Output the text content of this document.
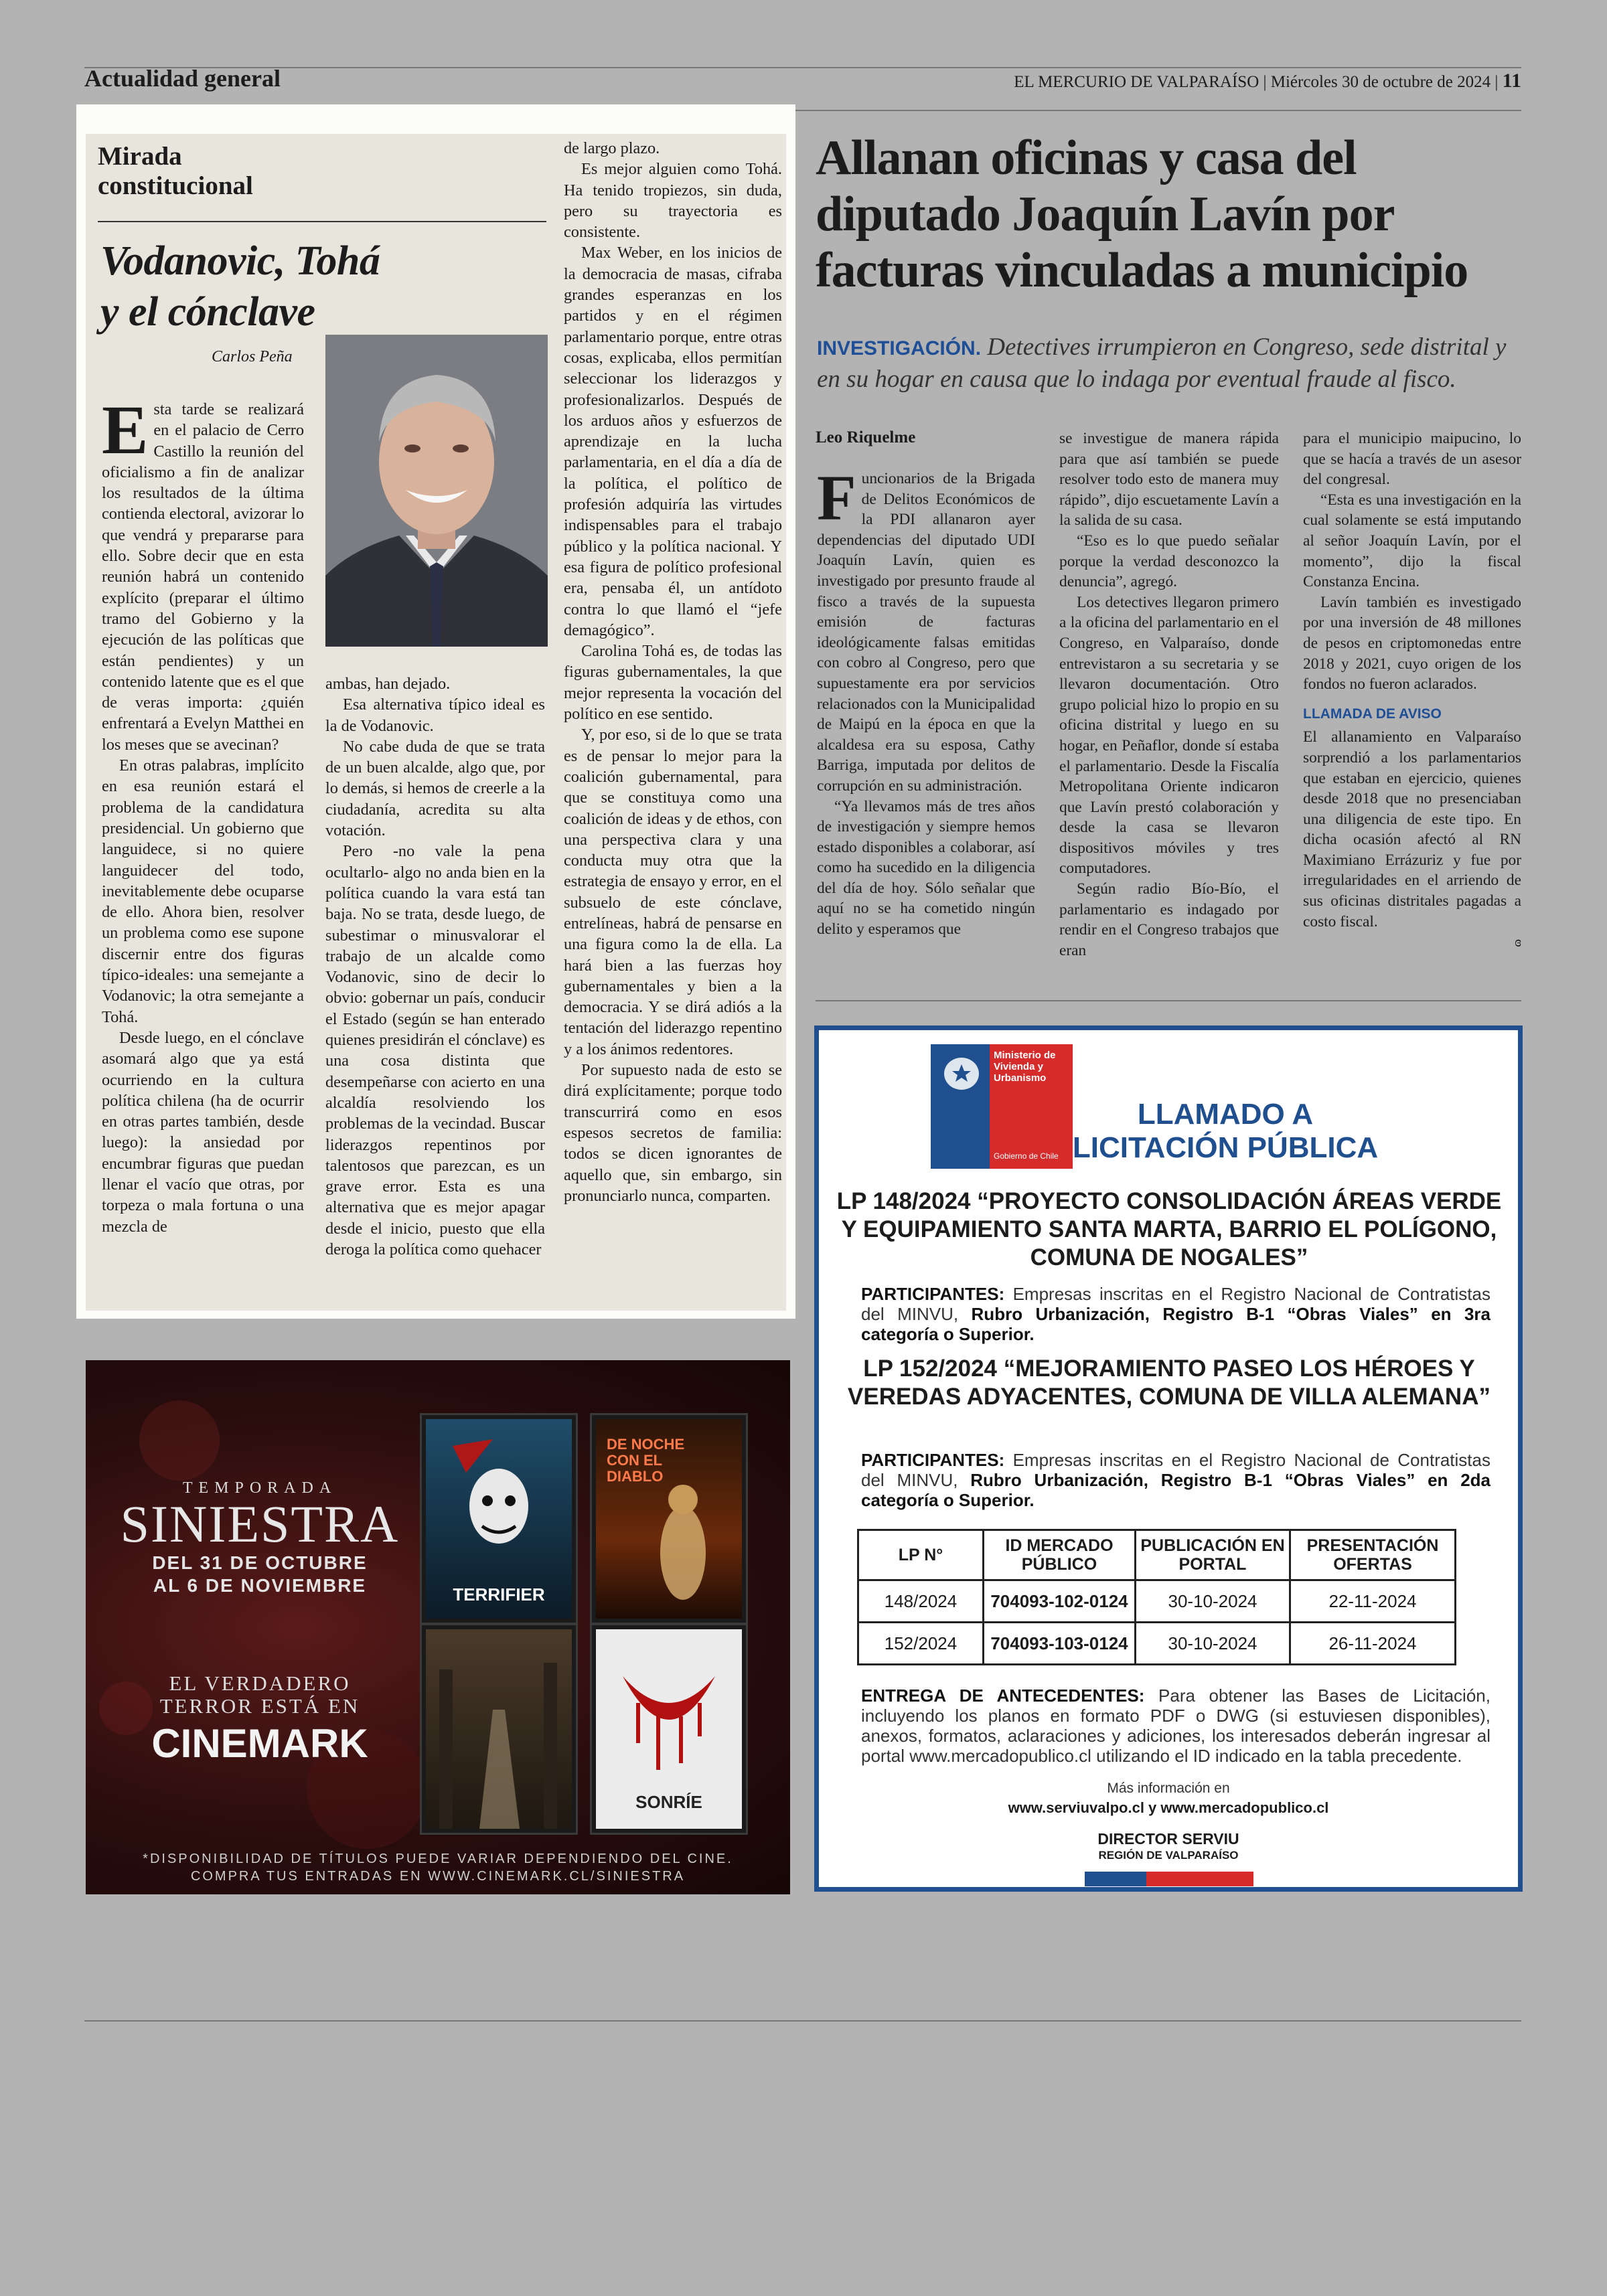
Actualidad general	EL MERCURIO DE VALPARAÍSO | Miércoles 30 de octubre de 2024 | 11
Mirada
constitucional
Vodanovic, Tohá
y el cónclave
Carlos Peña
E sta tarde se realizará en el palacio de Cerro Castillo la reunión del oficialismo a fin de analizar los resultados de la última contienda electoral, avizorar lo que vendrá y prepararse para ello. Sobre decir que en esta reunión habrá un contenido explícito (preparar el último tramo del Gobierno y la ejecución de las políticas que están pendientes) y un contenido latente que es el que de veras importa: ¿quién enfrentará a Evelyn Matthei en los meses que se avecinan?

En otras palabras, implícito en esa reunión estará el problema de la candidatura presidencial. Un gobierno que languidece, si no quiere languidecer del todo, inevitablemente debe ocuparse de ello. Ahora bien, resolver un problema como ese supone discernir entre dos figuras típico-ideales: una semejante a Vodanovic; la otra semejante a Tohá.

Desde luego, en el cónclave asomará algo que ya está ocurriendo en la cultura política chilena (ha de ocurrir en otras partes también, desde luego): la ansiedad por encumbrar figuras que puedan llenar el vacío que otras, por torpeza o mala fortuna o una mezcla de

ambas, han dejado.

Esa alternativa típico ideal es la de Vodanovic.

No cabe duda de que se trata de un buen alcalde, algo que, por lo demás, si hemos de creerle a la ciudadanía, acredita su alta votación.

Pero -no vale la pena ocultarlo- algo no anda bien en la política cuando la vara está tan baja. No se trata, desde luego, de subestimar o minusvalorar el trabajo de un alcalde como Vodanovic, sino de decir lo obvio: gobernar un país, conducir el Estado (según se han enterado quienes presidirán el cónclave) es una cosa distinta que desempeñarse con acierto en una alcaldía resolviendo los problemas de la vecindad. Buscar liderazgos repentinos por talentosos que parezcan, es un grave error. Esta es una alternativa que es mejor apagar desde el inicio, puesto que ella deroga la política como quehacer

de largo plazo.

Es mejor alguien como Tohá. Ha tenido tropiezos, sin duda, pero su trayectoria es consistente.

Max Weber, en los inicios de la democracia de masas, cifraba grandes esperanzas en los partidos y en el régimen parlamentario porque, entre otras cosas, explicaba, ellos permitían seleccionar los liderazgos y profesionalizarlos. Después de los arduos años y esfuerzos de aprendizaje en la lucha parlamentaria, en el día a día de la política, el político de profesión adquiría las virtudes indispensables para el trabajo público y la política nacional. Y esa figura de político profesional era, pensaba él, un antídoto contra lo que llamó el “jefe demagógico”.

Carolina Tohá es, de todas las figuras gubernamentales, la que mejor representa la vocación del político en ese sentido.

Y, por eso, si de lo que se trata es de pensar lo mejor para la coalición gubernamental, para que se constituya como una coalición de ideas y de ethos, con una perspectiva clara y una conducta muy otra que la estrategia de ensayo y error, en el subsuelo de este cónclave, entrelíneas, habrá de pensarse en una figura como la de ella. La hará bien a las fuerzas hoy gubernamentales y bien a la democracia. Y se dirá adiós a la tentación del liderazgo repentino y a los ánimos redentores.

Por supuesto nada de esto se dirá explícitamente; porque todo transcurrirá como en esos espesos secretos de familia: todos se dicen ignorantes de aquello que, sin embargo, sin pronunciarlo nunca, comparten.

Allanan oficinas y casa del diputado Joaquín Lavín por facturas vinculadas a municipio
INVESTIGACIÓN. Detectives irrumpieron en Congreso, sede distrital y en su hogar en causa que lo indaga por eventual fraude al fisco.
Leo Riquelme
F uncionarios de la Brigada de Delitos Económicos de la PDI allanaron ayer dependencias del diputado UDI Joaquín Lavín, quien es investigado por presunto fraude al fisco a través de la supuesta emisión de facturas ideológicamente falsas emitidas con cobro al Congreso, pero que supuestamente era por servicios relacionados con la Municipalidad de Maipú en la época en que la alcaldesa era su esposa, Cathy Barriga, imputada por delitos de corrupción en su administración.

“Ya llevamos más de tres años de investigación y siempre hemos estado disponibles a colaborar, así como ha sucedido en la diligencia del día de hoy. Sólo señalar que aquí no se ha cometido ningún delito y esperamos que

se investigue de manera rápida para que así también se puede resolver todo esto de manera muy rápido”, dijo escuetamente Lavín a la salida de su casa.

“Eso es lo que puedo señalar porque la verdad desconozco la denuncia”, agregó.

Los detectives llegaron primero a la oficina del parlamentario en el Congreso, en Valparaíso, donde entrevistaron a su secretaria y se llevaron documentación. Otro grupo policial hizo lo propio en su oficina distrital y luego en su hogar, en Peñaflor, donde sí estaba el parlamentario. Desde la Fiscalía Metropolitana Oriente indicaron que Lavín prestó colaboración y desde la casa se llevaron dispositivos móviles y tres computadores.

Según radio Bío-Bío, el parlamentario es indagado por rendir en el Congreso trabajos que eran

para el municipio maipucino, lo que se hacía a través de un asesor del congresal.

“Esta es una investigación en la cual solamente se está imputando al señor Joaquín Lavín, por el momento”, dijo la fiscal Constanza Encina.

Lavín también es investigado por una inversión de 48 millones de pesos en criptomonedas entre 2018 y 2021, cuyo origen de los fondos no fueron aclarados.

LLAMADA DE AVISO

El allanamiento en Valparaíso sorprendió a los parlamentarios que estaban en ejercicio, quienes desde 2018 que no presenciaban una diligencia de este tipo. En dicha ocasión afectó al RN Maximiano Errázuriz y fue por irregularidades en el arriendo de sus oficinas distritales pagadas a costo fiscal.

ɞ
TEMPORADA
SINIESTRA
DEL 31 DE OCTUBRE
AL 6 DE NOVIEMBRE
EL VERDADERO
TERROR ESTÁ EN
CINEMARK
TERRIFIER
DE NOCHE CON EL DIABLO
SONRÍE
*DISPONIBILIDAD DE TÍTULOS PUEDE VARIAR DEPENDIENDO DEL CINE.
COMPRA TUS ENTRADAS EN WWW.CINEMARK.CL/SINIESTRA
Ministerio de Vivienda y Urbanismo
Gobierno de Chile
LLAMADO A
LICITACIÓN PÚBLICA
LP 148/2024 “PROYECTO CONSOLIDACIÓN ÁREAS VERDE Y EQUIPAMIENTO SANTA MARTA, BARRIO EL POLÍGONO, COMUNA DE NOGALES”
PARTICIPANTES: Empresas inscritas en el Registro Nacional de Contratistas del MINVU, Rubro Urbanización, Registro B-1 “Obras Viales” en 3ra categoría o Superior.
LP 152/2024 “MEJORAMIENTO PASEO LOS HÉROES Y VEREDAS ADYACENTES, COMUNA DE VILLA ALEMANA”
PARTICIPANTES: Empresas inscritas en el Registro Nacional de Contratistas del MINVU, Rubro Urbanización, Registro B-1 “Obras Viales” en 2da categoría o Superior.
LP N°	ID MERCADO PÚBLICO	PUBLICACIÓN EN PORTAL	PRESENTACIÓN OFERTAS
148/2024	704093-102-0124	30-10-2024	22-11-2024
152/2024	704093-103-0124	30-10-2024	26-11-2024
ENTREGA DE ANTECEDENTES: Para obtener las Bases de Licitación, incluyendo los planos en formato PDF o DWG (si estuviesen disponibles), anexos, formatos, aclaraciones y adiciones, los interesados deberán ingresar al portal www.mercadopublico.cl utilizando el ID indicado en la tabla precedente.
Más información en
www.serviuvalpo.cl y www.mercadopublico.cl
DIRECTOR SERVIU
REGIÓN DE VALPARAÍSO
